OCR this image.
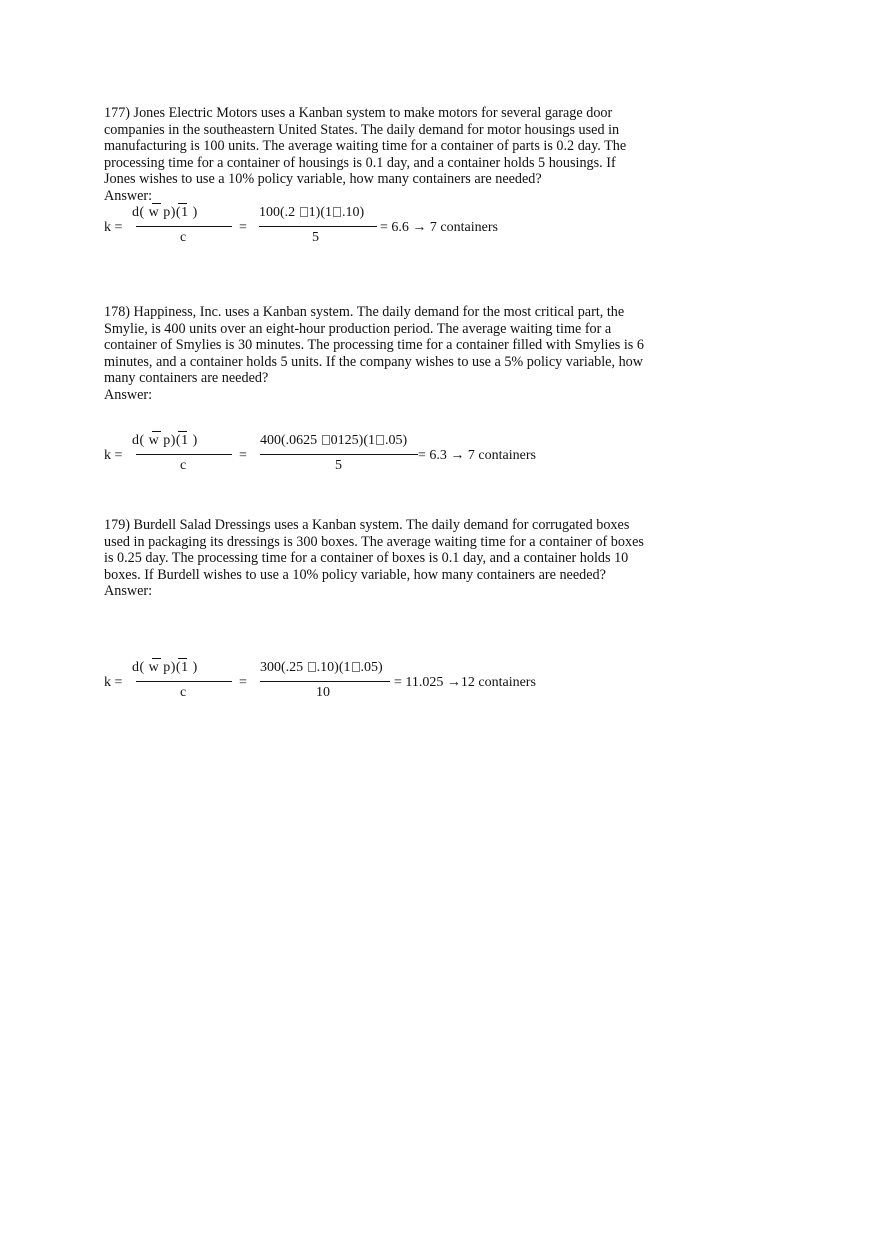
177) Jones Electric Motors uses a Kanban system to make motors for several garage door companies in the southeastern United States. The daily demand for motor housings used in manufacturing is 100 units. The average waiting time for a container of parts is 0.2 day. The processing time for a container of housings is 0.1 day, and a container holds 5 housings. If Jones wishes to use a 10% policy variable, how many containers are needed?

Answer:

k =
d( w p)(1 )
c
=
100(.2 1)(1 .10)
5
= 6.6 → 7 containers

178) Happiness, Inc. uses a Kanban system. The daily demand for the most critical part, the Smylie, is 400 units over an eight-hour production period. The average waiting time for a container of Smylies is 30 minutes. The processing time for a container filled with Smylies is 6 minutes, and a container holds 5 units. If the company wishes to use a 5% policy variable, how many containers are needed?

Answer:

k =
d( w p)(1 )
c
=
400(.0625 0125)(1 .05)
5
= 6.3 → 7 containers

179) Burdell Salad Dressings uses a Kanban system. The daily demand for corrugated boxes used in packaging its dressings is 300 boxes. The average waiting time for a container of boxes is 0.25 day. The processing time for a container of boxes is 0.1 day, and a container holds 10 boxes. If Burdell wishes to use a 10% policy variable, how many containers are needed?

Answer:

k =
d( w p)(1 )
c
=
300(.25 .10)(1 .05)
10
= 11.025 →12 containers
